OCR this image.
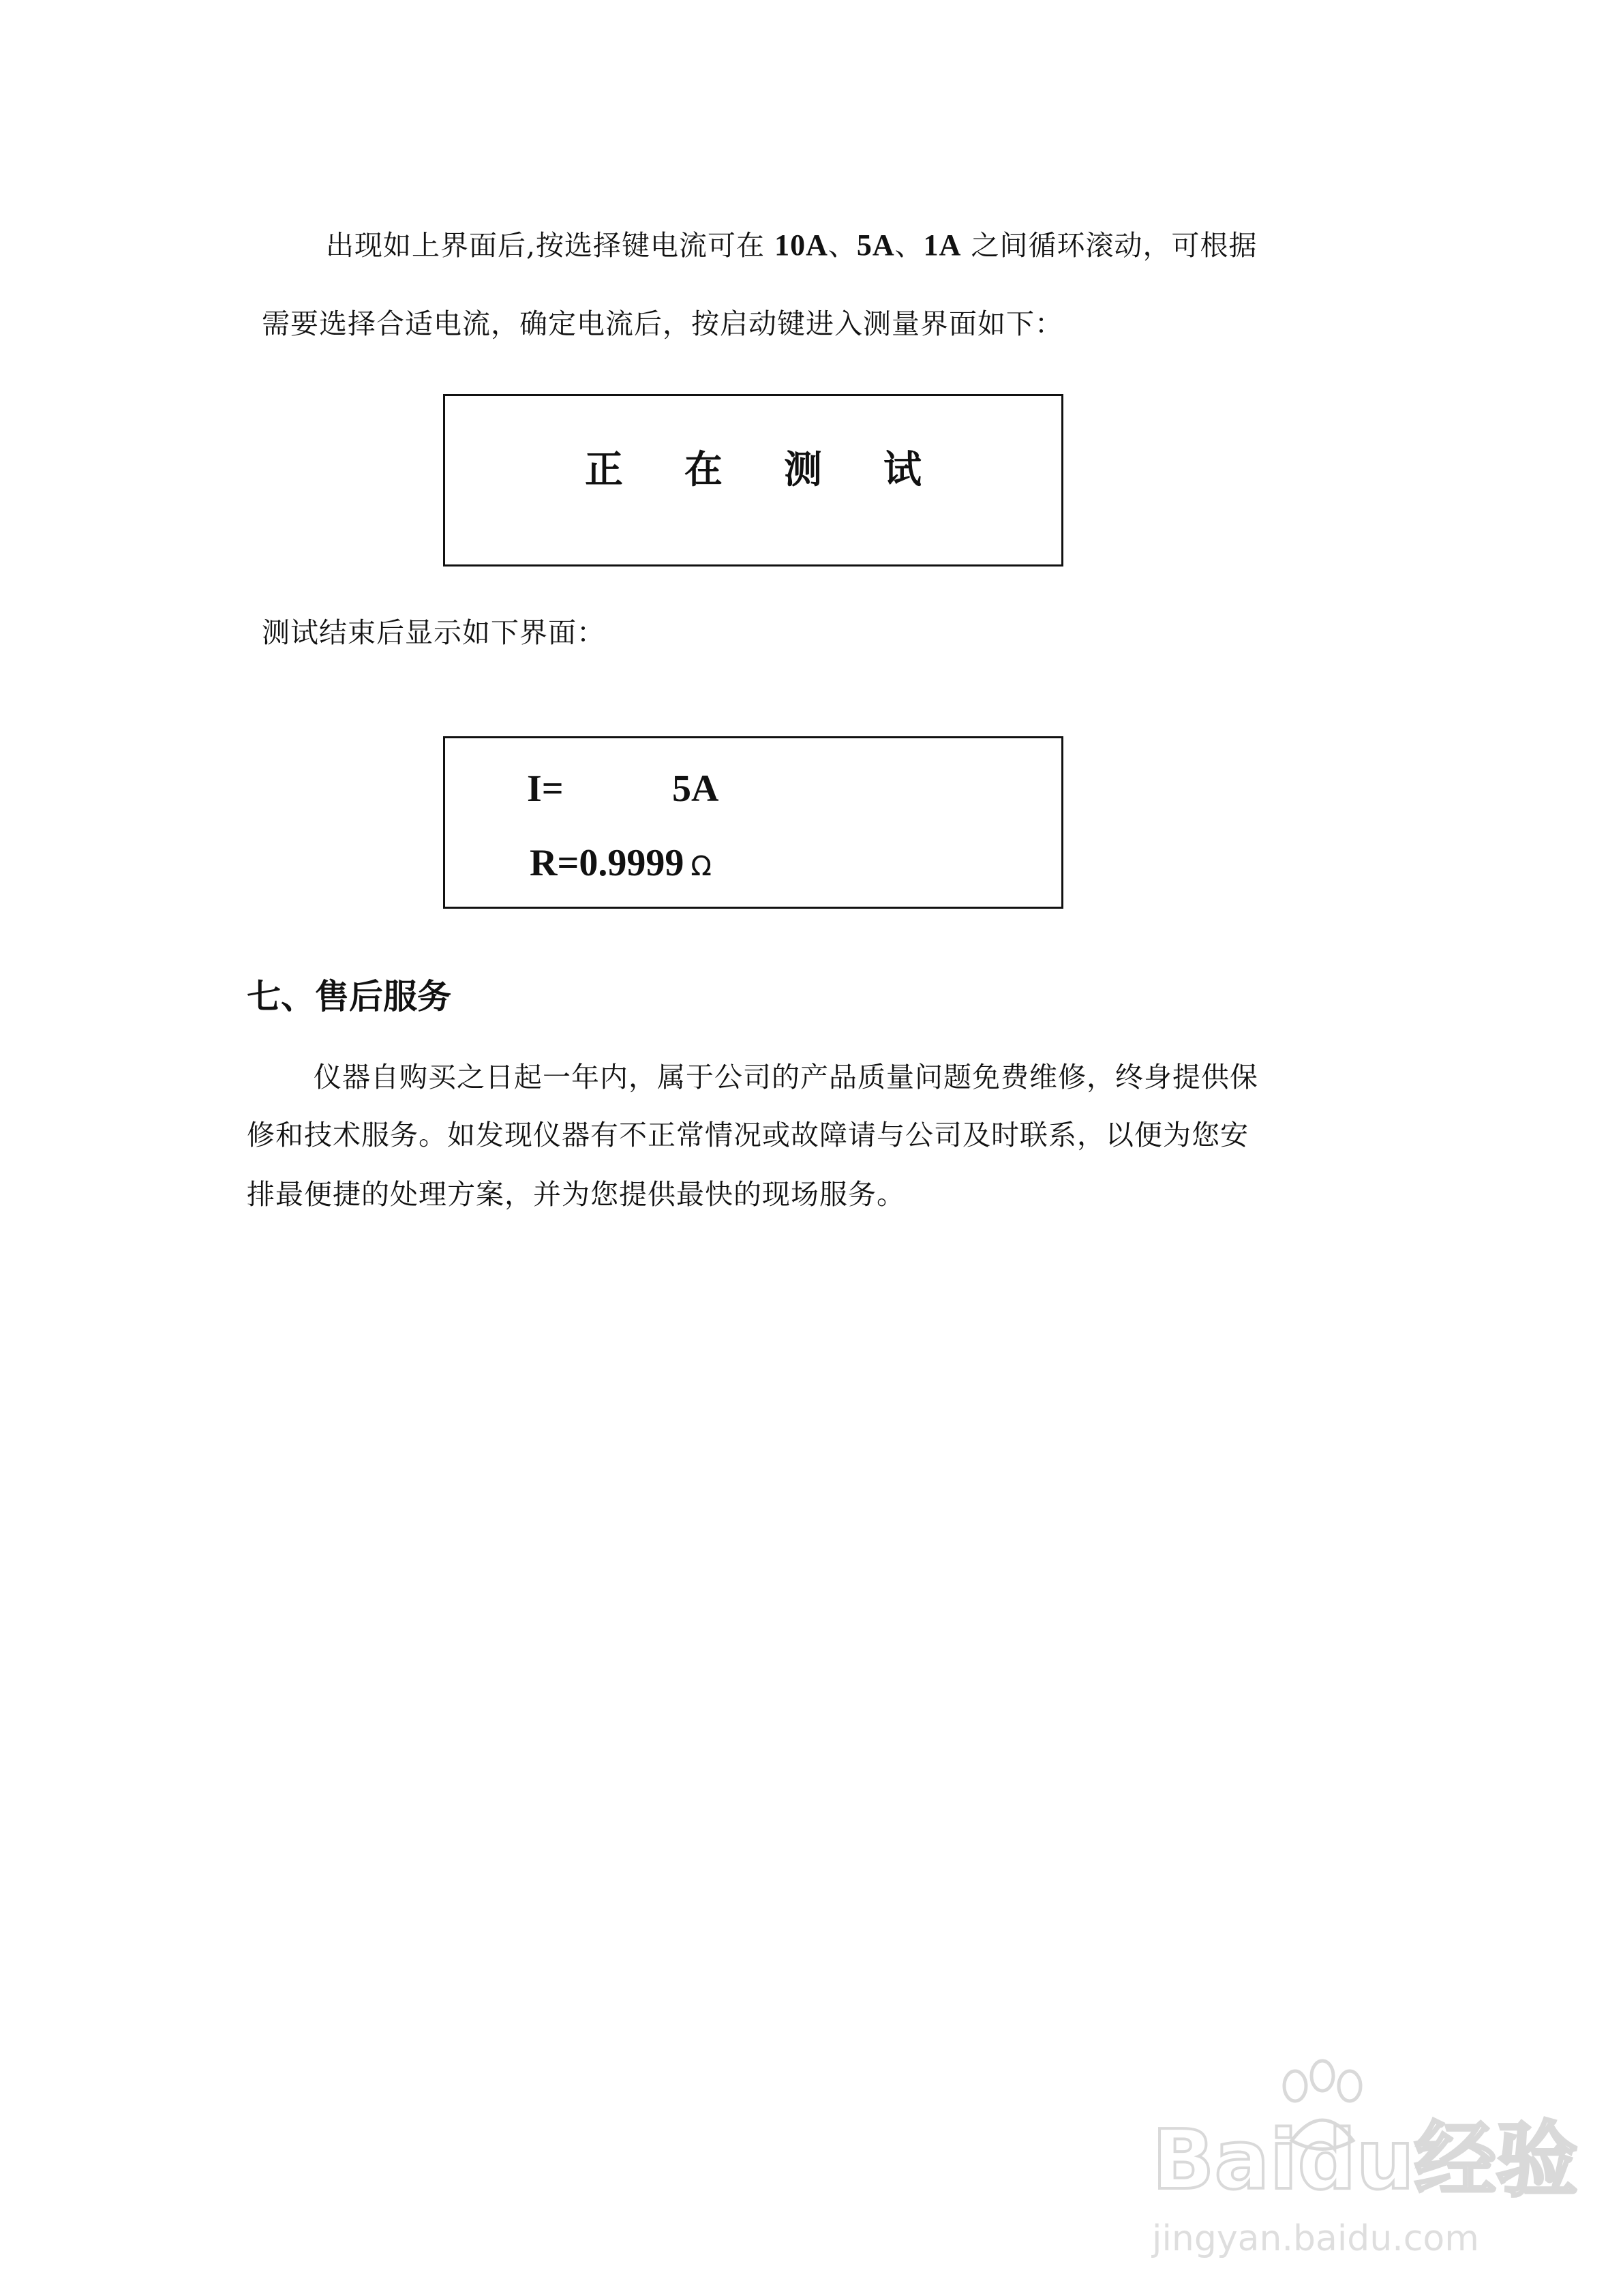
出现如上界面后,按选择键电流可在 10A、5A、1A 之间循环滚动，可根据
需要选择合适电流，确定电流后，按启动键进入测量界面如下：
正在测试
测试结束后显示如下界面：
I=	5A
R=0.9999 Ω
七、售后服务
仪器自购买之日起一年内，属于公司的产品质量问题免费维修，终身提供保
修和技术服务。如发现仪器有不正常情况或故障请与公司及时联系，以便为您安
排最便捷的处理方案，并为您提供最快的现场服务。
Baidu经验
jingyan.baidu.com
